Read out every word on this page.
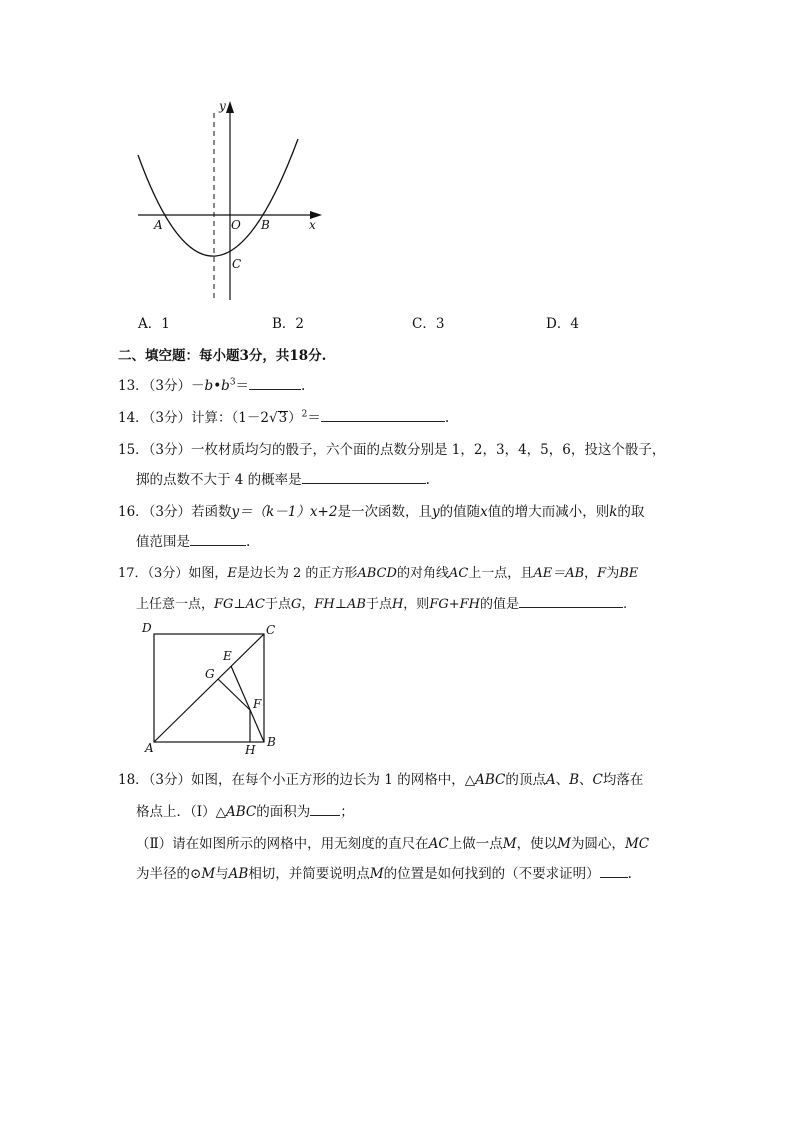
y
x
A	O B
C
A．1	B．2	C．3	D．4
二、填空题：每小题3分，共18分.
13．（3分）$-b•b^3=$	.
14．（3分）计算：$(1-2√3)^2=$	.
15．（3分）一枚材质均匀的骰子，六个面的点数分别是 1，2，3，4，5，6，投这个骰子，
掷的点数不大于 4 的概率是	.
16．（3分）若函数y＝（k－1）x+2是一次函数，且y的值随x值的增大而减小，则k的取
值范围是	.
17．（3分）如图，E是边长为 2 的正方形ABCD的对角线AC上一点，且AE＝AB，F为BE
上任意一点，FG⊥AC于点G，FH⊥AB于点H，则FG+FH的值是	.
D	C
E
G
F
A	H
B
18．（3分）如图，在每个小正方形的边长为 1 的网格中，△ABC的顶点A、B、C均落在
格点上．（Ⅰ）△ABC的面积为 ；
（Ⅱ）请在如图所示的网格中，用无刻度的直尺在AC上做一点M，使以M为圆心，MC
为半径的⊙M与AB相切，并简要说明点M的位置是如何找到的（不要求证明） .
